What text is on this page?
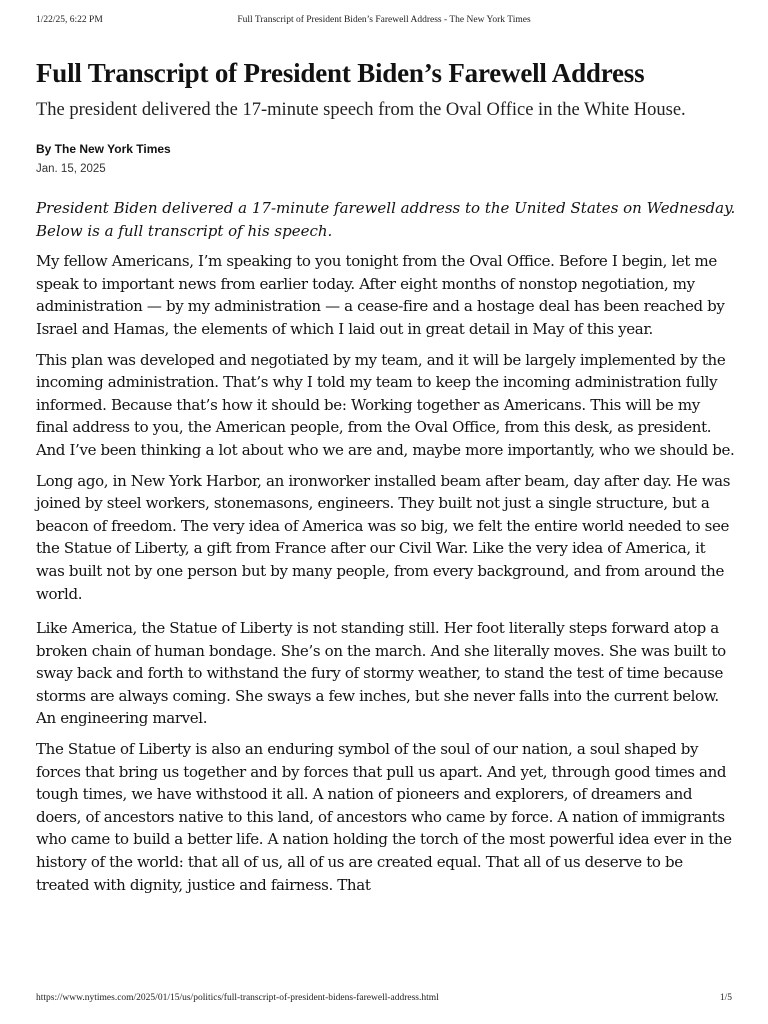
1/22/25, 6:22 PM	Full Transcript of President Biden’s Farewell Address - The New York Times
Full Transcript of President Biden’s Farewell Address

The president delivered the 17-minute speech from the Oval Office in the White House.

By The New York Times

Jan. 15, 2025

President Biden delivered a 17-minute farewell address to the United States on Wednesday. Below is a full transcript of his speech.

My fellow Americans, I’m speaking to you tonight from the Oval Office. Before I begin, let me speak to important news from earlier today. After eight months of nonstop negotiation, my administration — by my administration — a cease-fire and a hostage deal has been reached by Israel and Hamas, the elements of which I laid out in great detail in May of this year.

This plan was developed and negotiated by my team, and it will be largely implemented by the incoming administration. That’s why I told my team to keep the incoming administration fully informed. Because that’s how it should be: Working together as Americans. This will be my final address to you, the American people, from the Oval Office, from this desk, as president. And I’ve been thinking a lot about who we are and, maybe more importantly, who we should be.

Long ago, in New York Harbor, an ironworker installed beam after beam, day after day. He was joined by steel workers, stonemasons, engineers. They built not just a single structure, but a beacon of freedom. The very idea of America was so big, we felt the entire world needed to see the Statue of Liberty, a gift from France after our Civil War. Like the very idea of America, it was built not by one person but by many people, from every background, and from around the world.

Like America, the Statue of Liberty is not standing still. Her foot literally steps forward atop a broken chain of human bondage. She’s on the march. And she literally moves. She was built to sway back and forth to withstand the fury of stormy weather, to stand the test of time because storms are always coming. She sways a few inches, but she never falls into the current below. An engineering marvel.

The Statue of Liberty is also an enduring symbol of the soul of our nation, a soul shaped by forces that bring us together and by forces that pull us apart. And yet, through good times and tough times, we have withstood it all. A nation of pioneers and explorers, of dreamers and doers, of ancestors native to this land, of ancestors who came by force. A nation of immigrants who came to build a better life. A nation holding the torch of the most powerful idea ever in the history of the world: that all of us, all of us are created equal. That all of us deserve to be treated with dignity, justice and fairness. That

https://www.nytimes.com/2025/01/15/us/politics/full-transcript-of-president-bidens-farewell-address.html	1/5
